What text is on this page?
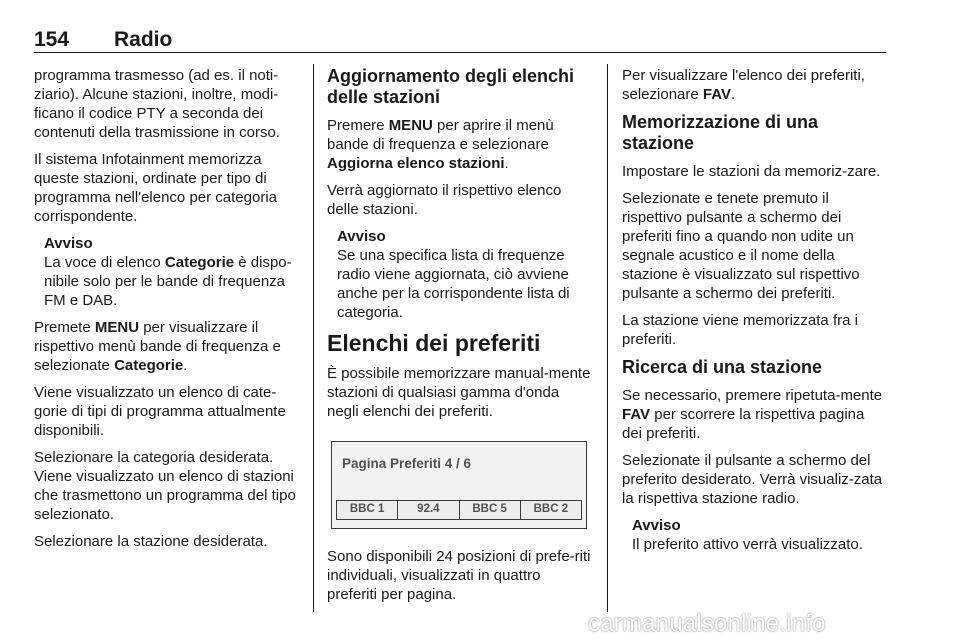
154 Radio

programma trasmesso (ad es. il noti-ziario). Alcune stazioni, inoltre, modi-ficano il codice PTY a seconda dei contenuti della trasmissione in corso.

Il sistema Infotainment memorizza queste stazioni, ordinate per tipo di programma nell'elenco per categoria corrispondente.

Avviso
La voce di elenco Categorie è dispo-nibile solo per le bande di frequenza FM e DAB.

Premete MENU per visualizzare il rispettivo menù bande di frequenza e selezionate Categorie.

Viene visualizzato un elenco di cate-gorie di tipi di programma attualmente disponibili.

Selezionare la categoria desiderata. Viene visualizzato un elenco di stazioni che trasmettono un programma del tipo selezionato.

Selezionare la stazione desiderata.

Aggiornamento degli elenchi delle stazioni

Premere MENU per aprire il menù bande di frequenza e selezionare Aggiorna elenco stazioni.

Verrà aggiornato il rispettivo elenco delle stazioni.

Avviso
Se una specifica lista di frequenze radio viene aggiornata, ciò avviene anche per la corrispondente lista di categoria.
Elenchi dei preferiti

È possibile memorizzare manual-mente stazioni di qualsiasi gamma d'onda negli elenchi dei preferiti.

Pagina Preferiti 4 / 6
BBC 1	92.4	BBC 5	BBC 2

Sono disponibili 24 posizioni di prefe-riti individuali, visualizzati in quattro preferiti per pagina.

Per visualizzare l'elenco dei preferiti, selezionare FAV.

Memorizzazione di una stazione

Impostare le stazioni da memoriz-zare.

Selezionate e tenete premuto il rispettivo pulsante a schermo dei preferiti fino a quando non udite un segnale acustico e il nome della stazione è visualizzato sul rispettivo pulsante a schermo dei preferiti.

La stazione viene memorizzata fra i preferiti.

Ricerca di una stazione

Se necessario, premere ripetuta-mente FAV per scorrere la rispettiva pagina dei preferiti.

Selezionate il pulsante a schermo del preferito desiderato. Verrà visualiz-zata la rispettiva stazione radio.

Avviso
Il preferito attivo verrà visualizzato.
carmanualsonline.info
